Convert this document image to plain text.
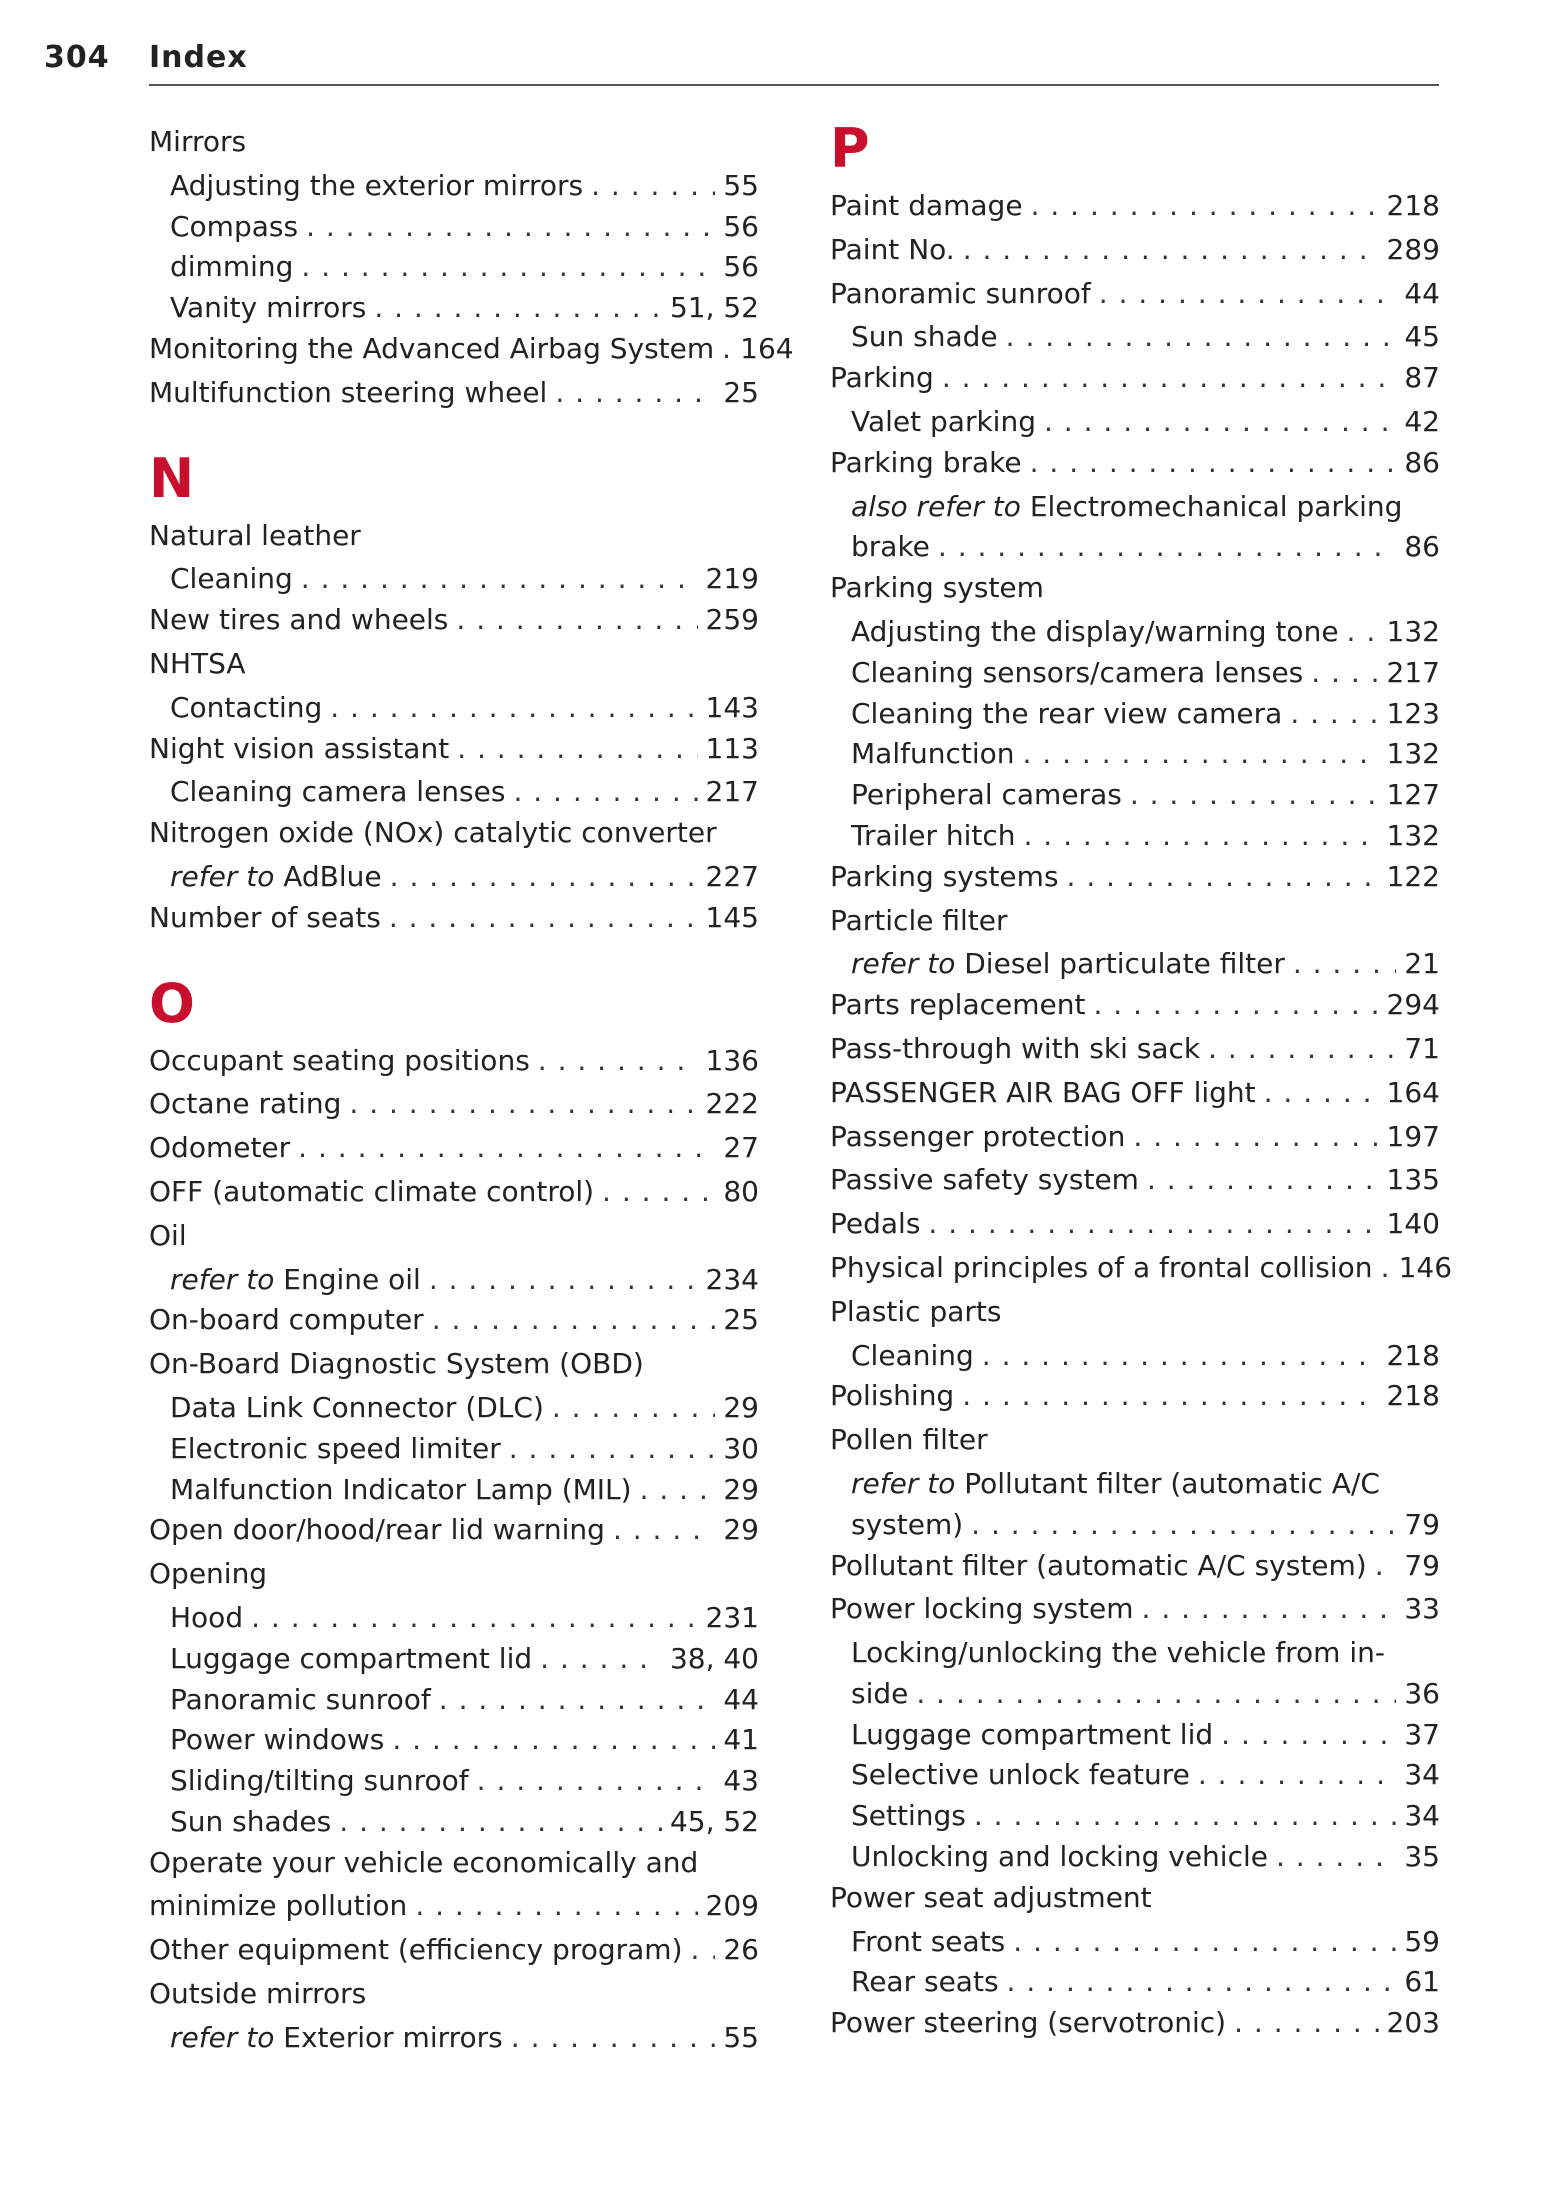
304 Index
Mirrors
Adjusting the exterior mirrors . . .	55
Compass . . .	56
dimming . . .	56
Vanity mirrors . . .	51, 52
Monitoring the Advanced Airbag System . . . 164
Multifunction steering wheel . . .	25
N
Natural leather
Cleaning . . .	219
New tires and wheels . . .	259
NHTSA
Contacting . . .	143
Night vision assistant . . .	113
Cleaning camera lenses . . .	217
Nitrogen oxide (NOx) catalytic converter
refer to AdBlue . . .	227
Number of seats . . .	145
O
Occupant seating positions . . .	136
Octane rating . . .	222
Odometer . . .	27
OFF (automatic climate control) . . .	80
Oil
refer to Engine oil . . .	234
On-board computer . . .	25
On-Board Diagnostic System (OBD)
Data Link Connector (DLC) . . .	29
Electronic speed limiter . . .	30
Malfunction Indicator Lamp (MIL) . . .	29
Open door/hood/rear lid warning . . .	29
Opening
Hood . . .	231
Luggage compartment lid . . .	38, 40
Panoramic sunroof . . .	44
Power windows . . .	41
Sliding/tilting sunroof . . .	43
Sun shades . . .	45, 52
Operate your vehicle economically and
minimize pollution . . .	209
Other equipment (efficiency program) . . . 26
Outside mirrors
refer to Exterior mirrors . . .	55
P
Paint damage . . .	218
Paint No. . . .	289
Panoramic sunroof . . .	44
Sun shade . . .	45
Parking . . .	87
Valet parking . . .	42
Parking brake . . .	86
also refer to Electromechanical parking
brake . . .	86
Parking system
Adjusting the display/warning tone . . . 132
Cleaning sensors/camera lenses . . .	217
Cleaning the rear view camera . . .	123
Malfunction . . .	132
Peripheral cameras . . .	127
Trailer hitch . . .	132
Parking systems . . .	122
Particle filter
refer to Diesel particulate filter . . .	21
Parts replacement . . .	294
Pass-through with ski sack . . .	71
PASSENGER AIR BAG OFF light . . .	164
Passenger protection . . .	197
Passive safety system . . .	135
Pedals . . .	140
Physical principles of a frontal collision . . . 146
Plastic parts
Cleaning . . .	218
Polishing . . .	218
Pollen filter
refer to Pollutant filter (automatic A/C
system) . . .	79
Pollutant filter (automatic A/C system) . . . 79
Power locking system . . .	33
Locking/unlocking the vehicle from in-
side . . .	36
Luggage compartment lid . . .	37
Selective unlock feature . . .	34
Settings . . .	34
Unlocking and locking vehicle . . .	35
Power seat adjustment
Front seats . . .	59
Rear seats . . .	61
Power steering (servotronic) . . .	203
